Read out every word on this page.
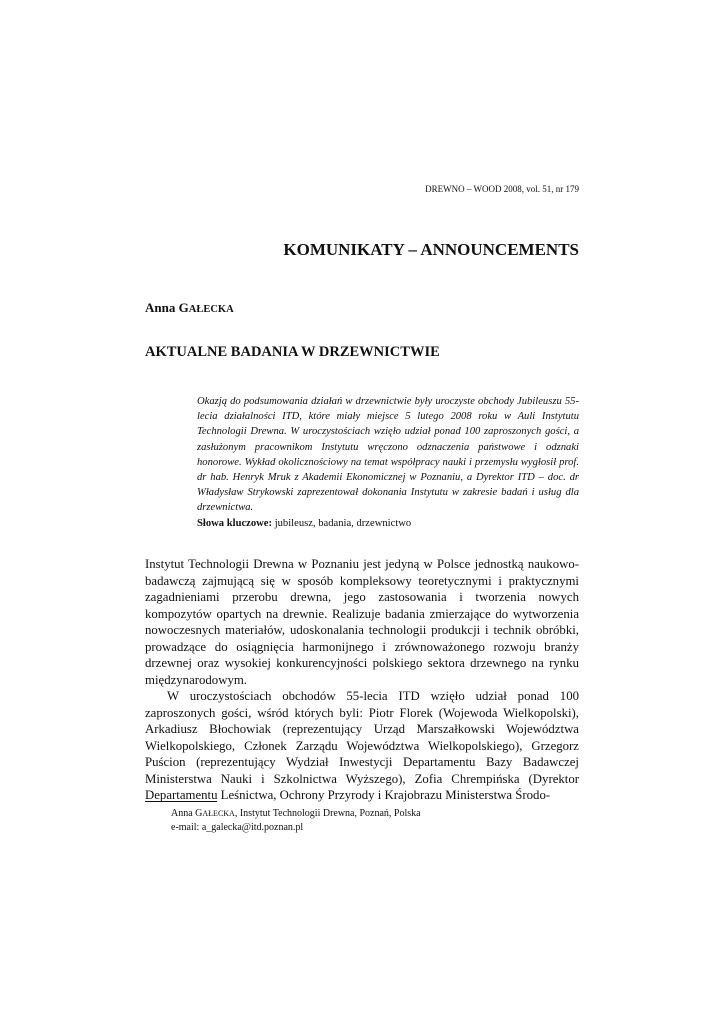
DREWNO – WOOD 2008, vol. 51, nr 179
KOMUNIKATY – ANNOUNCEMENTS
Anna GAŁECKA
AKTUALNE BADANIA W DRZEWNICTWIE

Okazją do podsumowania działań w drzewnictwie były uroczyste obchody Jubileuszu 55-lecia działalności ITD, które miały miejsce 5 lutego 2008 roku w Auli Instytutu Technologii Drewna. W uroczystościach wzięło udział ponad 100 zaproszonych gości, a zasłużonym pracownikom Instytutu wręczono odznaczenia państwowe i odznaki honorowe. Wykład okolicznościowy na temat współpracy nauki i przemysłu wygłosił prof. dr hab. Henryk Mruk z Akademii Ekonomicznej w Poznaniu, a Dyrektor ITD – doc. dr Władysław Strykowski zaprezentował dokonania Instytutu w zakresie badań i usług dla drzewnictwa.

Słowa kluczowe: jubileusz, badania, drzewnictwo

Instytut Technologii Drewna w Poznaniu jest jedyną w Polsce jednostką naukowo-badawczą zajmującą się w sposób kompleksowy teoretycznymi i praktycznymi zagadnieniami przerobu drewna, jego zastosowania i tworzenia nowych kompozytów opartych na drewnie. Realizuje badania zmierzające do wytworzenia nowoczesnych materiałów, udoskonalania technologii produkcji i technik obróbki, prowadzące do osiągnięcia harmonijnego i zrównoważonego rozwoju branży drzewnej oraz wysokiej konkurencyjności polskiego sektora drzewnego na rynku międzynarodowym.

W uroczystościach obchodów 55-lecia ITD wzięło udział ponad 100 zaproszonych gości, wśród których byli: Piotr Florek (Wojewoda Wielkopolski), Arkadiusz Błochowiak (reprezentujący Urząd Marszałkowski Województwa Wielkopolskiego, Członek Zarządu Województwa Wielkopolskiego), Grzegorz Puścion (reprezentujący Wydział Inwestycji Departamentu Bazy Badawczej Ministerstwa Nauki i Szkolnictwa Wyższego), Zofia Chrempińska (Dyrektor Departamentu Leśnictwa, Ochrony Przyrody i Krajobrazu Ministerstwa Środo-

Anna GAŁECKA, Instytut Technologii Drewna, Poznań, Polska
e-mail: a_galecka@itd.poznan.pl
